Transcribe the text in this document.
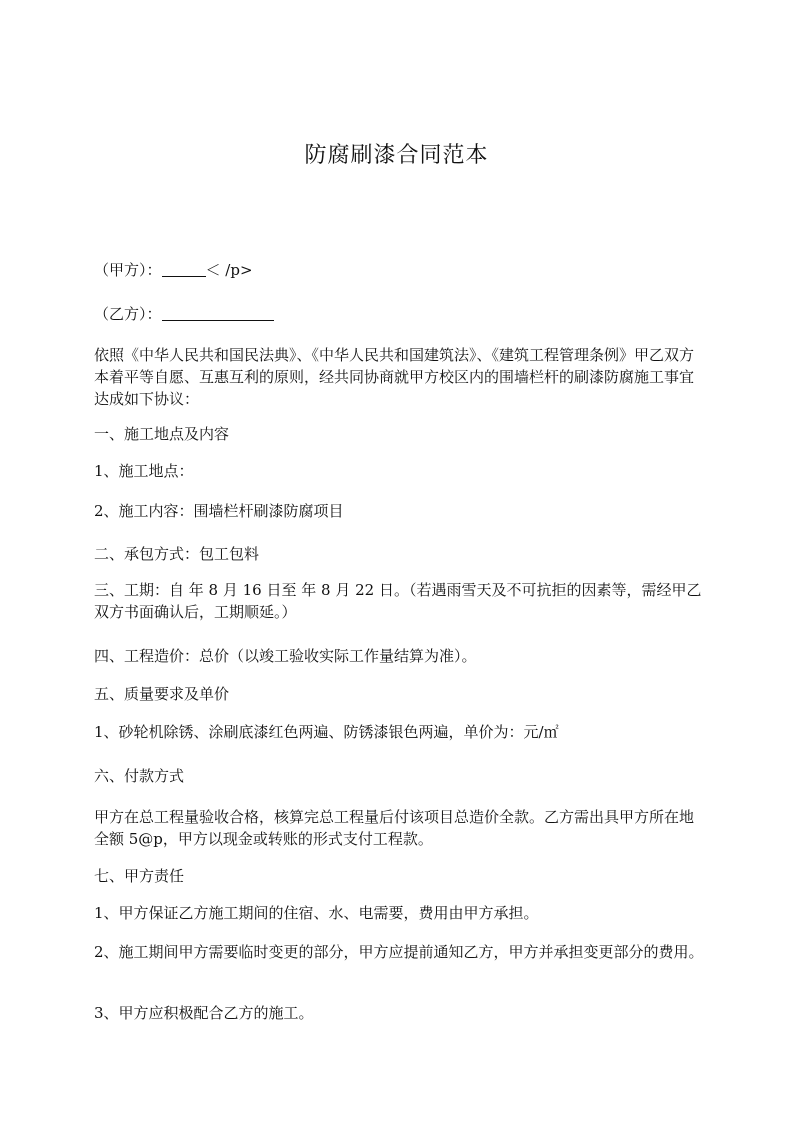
防腐刷漆合同范本
（甲方）：	＜ /p>
（乙方）：
依照《中华人民共和国民法典》、《中华人民共和国建筑法》、《建筑工程管理条例》甲乙双方本着平等自愿、互惠互利的原则，经共同协商就甲方校区内的围墙栏杆的刷漆防腐施工事宜达成如下协议：
一、施工地点及内容
1、施工地点：
2、施工内容：围墙栏杆刷漆防腐项目
二、承包方式：包工包料
三、工期：自 年 8 月 16 日至 年 8 月 22 日。（若遇雨雪天及不可抗拒的因素等，需经甲乙双方书面确认后，工期顺延。）
四、工程造价：总价（以竣工验收实际工作量结算为准）。
五、质量要求及单价
1、砂轮机除锈、涂刷底漆红色两遍、防锈漆银色两遍，单价为：元/㎡
六、付款方式
甲方在总工程量验收合格，核算完总工程量后付该项目总造价全款。乙方需出具甲方所在地全额 5@p，甲方以现金或转账的形式支付工程款。
七、甲方责任
1、甲方保证乙方施工期间的住宿、水、电需要，费用由甲方承担。
2、施工期间甲方需要临时变更的部分，甲方应提前通知乙方，甲方并承担变更部分的费用。
3、甲方应积极配合乙方的施工。
